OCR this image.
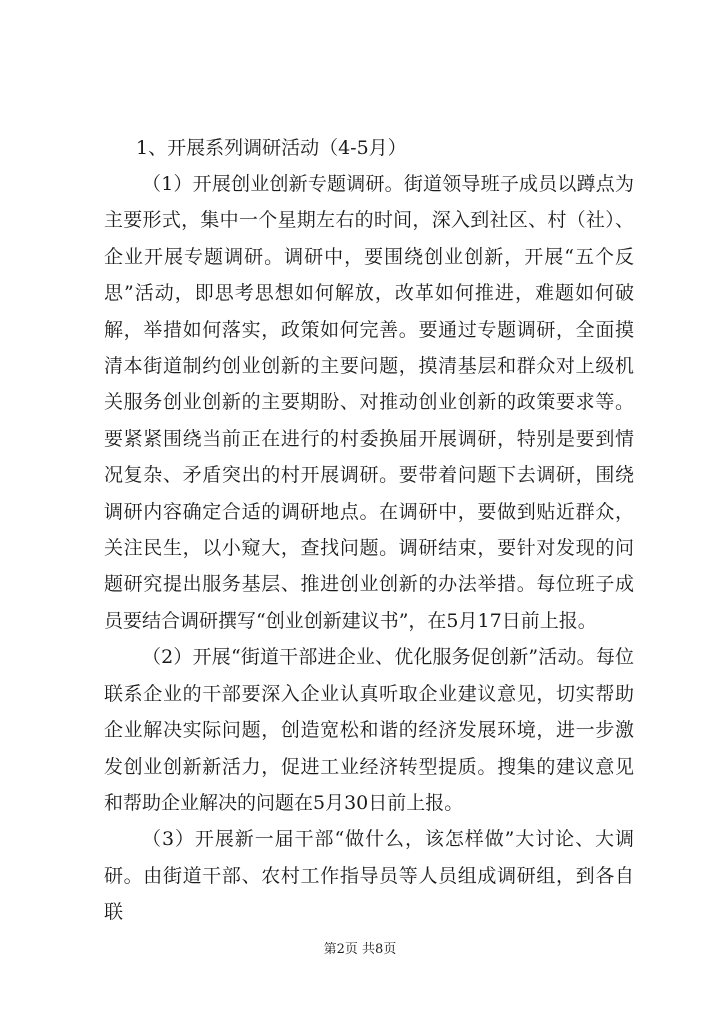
1、开展系列调研活动（4-5月）

（1）开展创业创新专题调研。街道领导班子成员以蹲点为主要形式，集中一个星期左右的时间，深入到社区、村（社）、企业开展专题调研。调研中，要围绕创业创新，开展“五个反思”活动，即思考思想如何解放，改革如何推进，难题如何破解，举措如何落实，政策如何完善。要通过专题调研，全面摸清本街道制约创业创新的主要问题，摸清基层和群众对上级机关服务创业创新的主要期盼、对推动创业创新的政策要求等。要紧紧围绕当前正在进行的村委换届开展调研，特别是要到情况复杂、矛盾突出的村开展调研。要带着问题下去调研，围绕调研内容确定合适的调研地点。在调研中，要做到贴近群众，关注民生，以小窥大，查找问题。调研结束，要针对发现的问题研究提出服务基层、推进创业创新的办法举措。每位班子成员要结合调研撰写“创业创新建议书”，在5月17日前上报。

（2）开展“街道干部进企业、优化服务促创新”活动。每位联系企业的干部要深入企业认真听取企业建议意见，切实帮助企业解决实际问题，创造宽松和谐的经济发展环境，进一步激发创业创新新活力，促进工业经济转型提质。搜集的建议意见和帮助企业解决的问题在5月30日前上报。

（3）开展新一届干部“做什么，该怎样做”大讨论、大调研。由街道干部、农村工作指导员等人员组成调研组，到各自联

第2页 共8页
